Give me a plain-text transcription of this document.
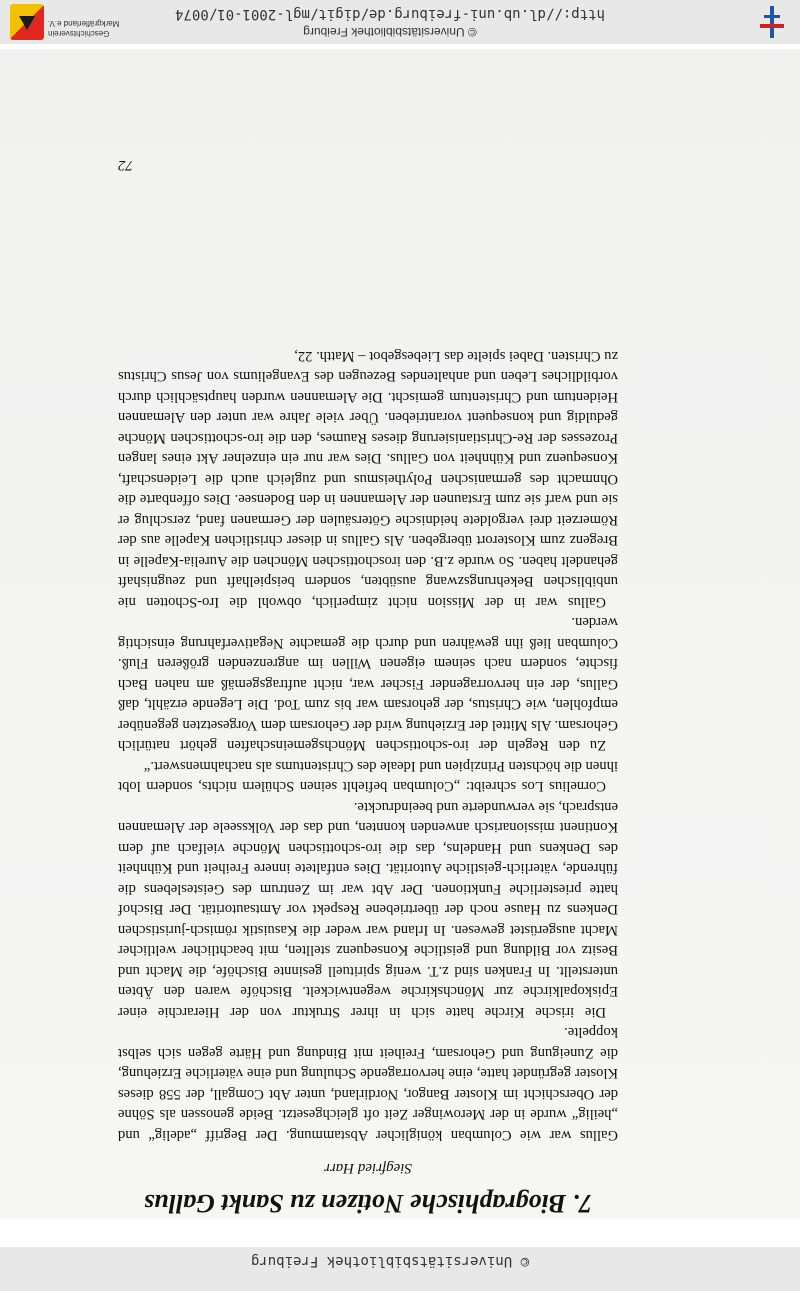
© Universitätsbibliothek Freiburg
7. Biographische Notizen zu Sankt Gallus
Siegfried Harr

Gallus war wie Columban königlicher Abstammung. Der Begriff „adelig“ und „heilig“ wurde in der Merowinger Zeit oft gleichgesetzt. Beide genossen als Söhne der Oberschicht im Kloster Bangor, Nordirland, unter Abt Comgall, der 558 dieses Kloster gegründet hatte, eine hervorragende Schulung und eine väterliche Erziehung, die Zuneigung und Gehorsam, Freiheit mit Bindung und Härte gegen sich selbst koppelte.

Die irische Kirche hatte sich in ihrer Struktur von der Hierarchie einer Episkopalkirche zur Mönchskirche wegentwickelt. Bischöfe waren den Äbten unterstellt. In Franken sind z.T. wenig spirituell gesinnte Bischöfe, die Macht und Besitz vor Bildung und geistliche Konsequenz stellten, mit beachtlicher weltlicher Macht ausgerüstet gewesen. In Irland war weder die Kasuistik römisch-juristischen Denkens zu Hause noch der übertriebene Respekt vor Amtsautorität. Der Bischof hatte priesterliche Funktionen. Der Abt war im Zentrum des Geisteslebens die führende, väterlich-geistliche Autorität. Dies entfaltete innere Freiheit und Kühnheit des Denkens und Handelns, das die iro-schottischen Mönche vielfach auf dem Kontinent missionarisch anwenden konnten, und das der Volksseele der Alemannen entsprach, sie verwunderte und beeindruckte.

Cornelius Los schreibt: „Columban befiehlt seinen Schülern nichts, sondern lobt ihnen die höchsten Prinzipien und Ideale des Christentums als nachahmenswert.“

Zu den Regeln der iro-schottischen Mönchsgemeinschaften gehört natürlich Gehorsam. Als Mittel der Erziehung wird der Gehorsam dem Vorgesetzten gegenüber empfohlen, wie Christus, der gehorsam war bis zum Tod. Die Legende erzählt, daß Gallus, der ein hervorragender Fischer war, nicht auftragsgemäß am nahen Bach fischte, sondern nach seinem eigenen Willen im angrenzenden größeren Fluß. Columban ließ ihn gewähren und durch die gemachte Negativerfahrung einsichtig werden.

Gallus war in der Mission nicht zimperlich, obwohl die Iro-Schotten nie unbiblischen Bekehrungszwang ausübten, sondern beispielhaft und zeugnishaft gehandelt haben. So wurde z.B. den iroschottischen Mönchen die Aurelia-Kapelle in Bregenz zum Klosterort übergeben. Als Gallus in dieser christlichen Kapelle aus der Römerzeit drei vergoldete heidnische Götersäulen der Germanen fand, zerschlug er sie und warf sie zum Erstaunen der Alemannen in den Bodensee. Dies offenbarte die Ohnmacht des germanischen Polytheismus und zugleich auch die Leidenschaft, Konsequenz und Kühnheit von Gallus. Dies war nur ein einzelner Akt eines langen Prozesses der Re-Christianisierung dieses Raumes, den die iro-schottischen Mönche geduldig und konsequent vorantrieben. Über viele Jahre war unter den Alemannen Heidentum und Christentum gemischt. Die Alemannen wurden hauptsächlich durch vorbildliches Leben und anhaltendes Bezeugen des Evangeliums von Jesus Christus zu Christen. Dabei spielte das Liebesgebot – Matth. 22,

72
© Universitätsbibliothek Freiburg
http://dl.ub.uni-freiburg.de/digit/mgl-2001-01/0074
Geschichtsverein Markgräflerland e.V.
